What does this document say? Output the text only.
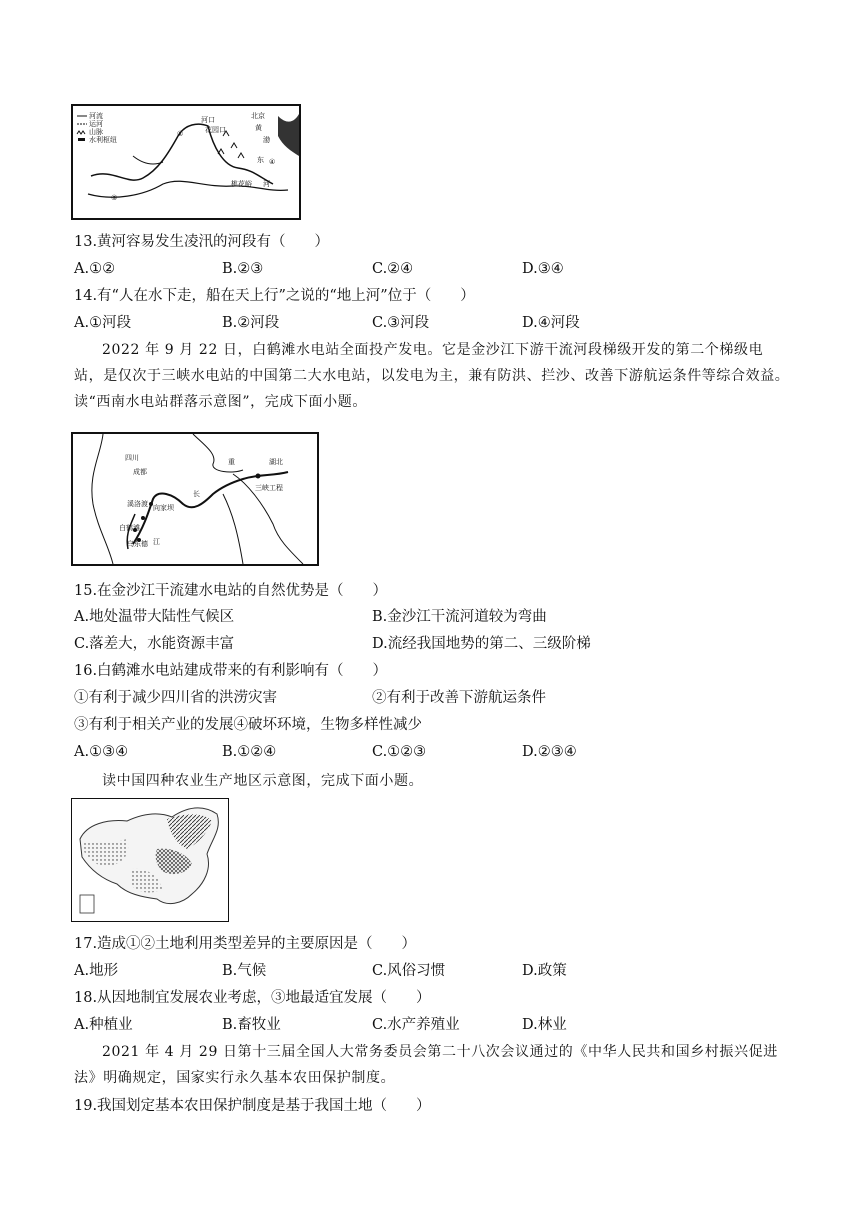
河流
运河
山脉
水利枢纽
河口	北京
黄
花园口
渤
东
桃花峪 河
②
③
④
13.黄河容易发生凌汛的河段有（　　）
A.①②	B.②③	C.②④	D.③④
14.有“人在水下走，船在天上行”之说的“地上河”位于（　　）
A.①河段	B.②河段	C.③河段	D.④河段
2022 年 9 月 22 日，白鹤滩水电站全面投产发电。它是金沙江下游干流河段梯级开发的第二个梯级电站，是仅次于三峡水电站的中国第二大水电站，以发电为主，兼有防洪、拦沙、改善下游航运条件等综合效益。读“西南水电站群落示意图”，完成下面小题。
四川
成都
重	湖北
三峡工程
向家坝
溪洛渡
白鹤滩
乌东德 江
长
15.在金沙江干流建水电站的自然优势是（　　）
A.地处温带大陆性气候区	B.金沙江干流河道较为弯曲
C.落差大，水能资源丰富	D.流经我国地势的第二、三级阶梯
16.白鹤滩水电站建成带来的有利影响有（　　）
①有利于减少四川省的洪涝灾害	②有利于改善下游航运条件
③有利于相关产业的发展④破坏环境，生物多样性减少
A.①③④	B.①②④	C.①②③	D.②③④
读中国四种农业生产地区示意图，完成下面小题。
17.造成①②土地利用类型差异的主要原因是（　　）
A.地形	B.气候	C.风俗习惯	D.政策
18.从因地制宜发展农业考虑，③地最适宜发展（　　）
A.种植业	B.畜牧业	C.水产养殖业	D.林业
2021 年 4 月 29 日第十三届全国人大常务委员会第二十八次会议通过的《中华人民共和国乡村振兴促进法》明确规定，国家实行永久基本农田保护制度。
19.我国划定基本农田保护制度是基于我国土地（　　）
